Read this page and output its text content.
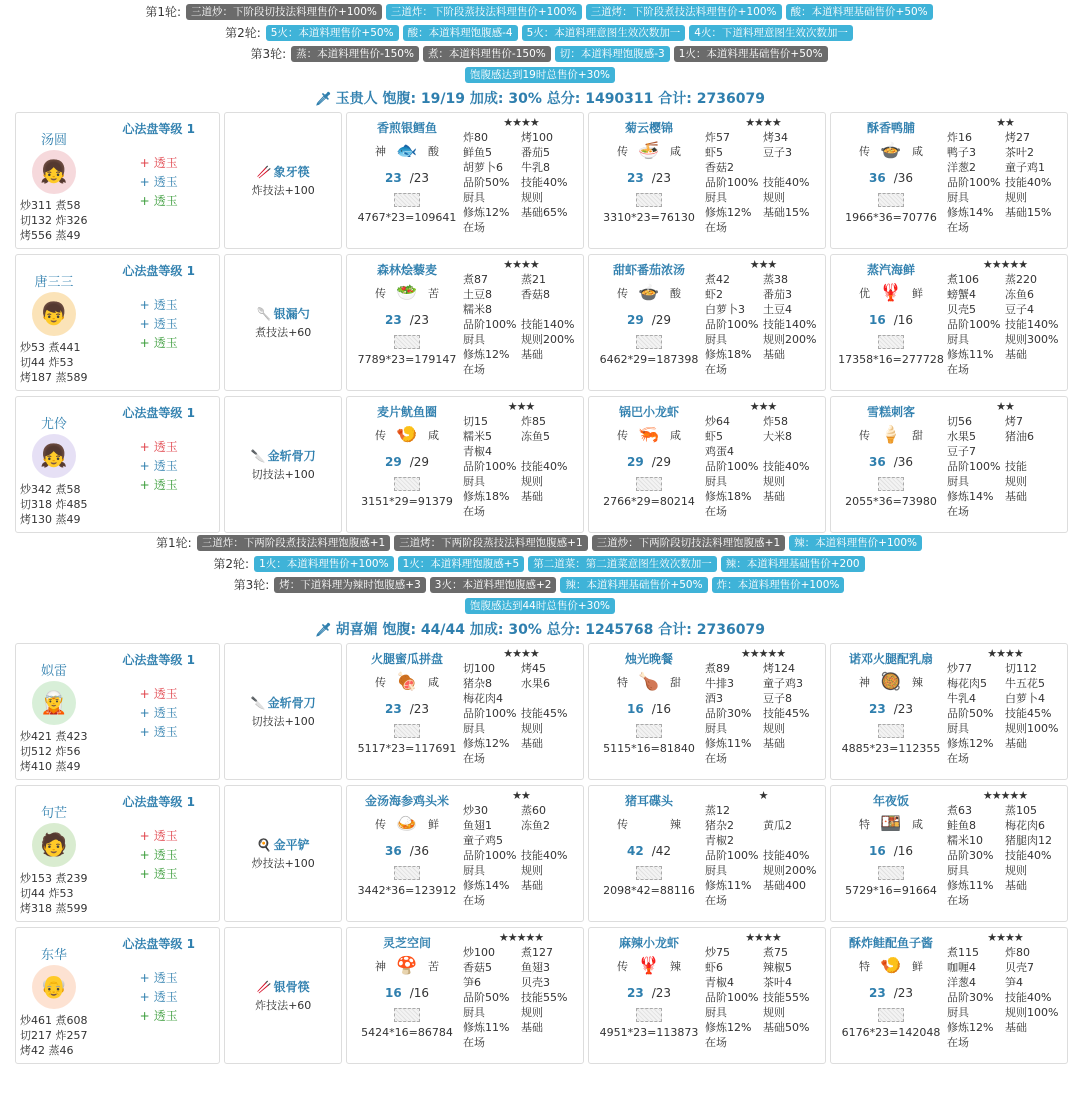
第1轮: 三道炒：下阶段切技法料理售价+100%	三道炸：下阶段蒸技法料理售价+100%	三道烤：下阶段煮技法料理售价+100%	酸：本道料理基础售价+50%
第2轮: 5火：本道料理售价+50%	酸：本道料理饱腹感-4	5火：本道料理意图生效次数加一	4火：下道料理意图生效次数加一
第3轮: 蒸：本道料理售价-150%	煮：本道料理售价-150%	切：本道料理饱腹感-3	1火：本道料理基础售价+50%
饱腹感达到19时总售价+30%
🗡 玉贵人 饱腹: 19/19 加成: 30% 总分: 1490311 合计: 2736079
汤圆
👧
炒311 煮58
切132 炸326
烤556 蒸49
心法盘等级 1
+ 透玉
+ 透玉
+ 透玉
🥢 象牙筷
炸技法+100
香煎银鳕鱼
神 🐟 酸
23 /23
4767*23=109641
★★★★
炸80	烤100
鲜鱼5	番茄5
胡萝卜6	牛乳8
品阶50%	技能40%
厨具	规则
修炼12%	基础65%
在场
菊云樱锦
传 🍜 咸
23 /23
3310*23=76130
★★★★
炸57	烤34
虾5	豆子3
香菇2
品阶100% 技能40%
厨具	规则
修炼12%	基础15%
在场
酥香鸭脯
传 🍲 咸
36 /36
1966*36=70776
★★
炸16	烤27
鸭子3	茶叶2
洋葱2	童子鸡1
品阶100% 技能40%
厨具	规则
修炼14%	基础15%
在场
唐三三
👦
炒53 煮441
切44 炸53
烤187 蒸589
心法盘等级 1
+ 透玉
+ 透玉
+ 透玉
🥄 银漏勺
煮技法+60
森林烩藜麦
传 🥗 苦
23 /23
7789*23=179147
★★★★
煮87	蒸21
土豆8	香菇8
糯米8
品阶100% 技能140%
厨具	规则200%
修炼12%	基础
在场
甜虾番茄浓汤
传 🍲 酸
29 /29
6462*29=187398
★★★
煮42	蒸38
虾2	番茄3
白萝卜3	土豆4
品阶100% 技能140%
厨具	规则200%
修炼18%	基础
在场
蒸汽海鲜
优 🦞 鲜
16 /16
17358*16=277728
★★★★★
煮106	蒸220
螃蟹4	冻鱼6
贝壳5	豆子4
品阶100% 技能140%
厨具	规则300%
修炼11%	基础
在场
尤伶
👧
炒342 煮58
切318 炸485
烤130 蒸49
心法盘等级 1
+ 透玉
+ 透玉
+ 透玉
🔪 金斩骨刀
切技法+100
麦片鱿鱼圈
传 🍤 咸
29 /29
3151*29=91379
★★★
切15	炸85
糯米5	冻鱼5
青椒4
品阶100% 技能40%
厨具	规则
修炼18%	基础
在场
锅巴小龙虾
传 🦐 咸
29 /29
2766*29=80214
★★★
炒64	炸58
虾5	大米8
鸡蛋4
品阶100% 技能40%
厨具	规则
修炼18%	基础
在场
雪糕刺客
传 🍦 甜
36 /36
2055*36=73980
★★
切56	烤7
水果5	猪油6
豆子7
品阶100% 技能
厨具	规则
修炼14%	基础
在场
第1轮: 三道炸：下两阶段煮技法料理饱腹感+1	三道烤：下两阶段蒸技法料理饱腹感+1	三道炒：下两阶段切技法料理饱腹感+1	辣：本道料理售价+100%
第2轮: 1火：本道料理售价+100%	1火：本道料理饱腹感+5	第二道菜：第二道菜意图生效次数加一	辣：本道料理基础售价+200
第3轮: 烤：下道料理为辣时饱腹感+3	3火：本道料理饱腹感+2	辣：本道料理基础售价+50%	炸：本道料理售价+100%
饱腹感达到44时总售价+30%
🗡 胡喜媚 饱腹: 44/44 加成: 30% 总分: 1245768 合计: 2736079
姒雷
🧝
炒421 煮423
切512 炸56
烤410 蒸49
心法盘等级 1
+ 透玉
+ 透玉
+ 透玉
🔪 金斩骨刀
切技法+100
火腿蜜瓜拼盘
传 🍖 咸
23 /23
5117*23=117691
★★★★
切100	烤45
猪杂8	水果6
梅花肉4
品阶100% 技能45%
厨具	规则
修炼12%	基础
在场
烛光晚餐
特 🍗 甜
16 /16
5115*16=81840
★★★★★
煮89	烤124
牛排3	童子鸡3
酒3	豆子8
品阶30%	技能45%
厨具	规则
修炼11%	基础
在场
诺邓火腿配乳扇
神 🥘 辣
23 /23
4885*23=112355
★★★★
炒77	切112
梅花肉5	牛五花5
牛乳4	白萝卜4
品阶50%	技能45%
厨具	规则100%
修炼12%	基础
在场
句芒
🧑
炒153 煮239
切44 炸53
烤318 蒸599
心法盘等级 1
+ 透玉
+ 透玉
+ 透玉
🍳 金平铲
炒技法+100
金汤海参鸡头米
传 🍛 鲜
36 /36
3442*36=123912
★★
炒30	蒸60
鱼翅1	冻鱼2
童子鸡5
品阶100% 技能40%
厨具	规则
修炼14%	基础
在场
猪耳碟头
传	辣
42 /42
2098*42=88116
★
蒸12
猪杂2	黄瓜2
青椒2
品阶100% 技能40%
厨具	规则200%
修炼11%	基础400
在场
年夜饭
特 🍱 咸
16 /16
5729*16=91664
★★★★★
煮63	蒸105
鲑鱼8	梅花肉6
糯米10	猪腿肉12
品阶30%	技能40%
厨具	规则
修炼11%	基础
在场
东华
👴
炒461 煮608
切217 炸257
烤42 蒸46
心法盘等级 1
+ 透玉
+ 透玉
+ 透玉
🥢 银骨筷
炸技法+60
灵芝空间
神 🍄 苦
16 /16
5424*16=86784
★★★★★
炒100	煮127
香菇5	鱼翅3
笋6	贝壳3
品阶50%	技能55%
厨具	规则
修炼11%	基础
在场
麻辣小龙虾
传 🦞 辣
23 /23
4951*23=113873
★★★★
炒75	煮75
虾6	辣椒5
青椒4	茶叶4
品阶100% 技能55%
厨具	规则
修炼12%	基础50%
在场
酥炸鲑配鱼子酱
特 🍤 鲜
23 /23
6176*23=142048
★★★★
煮115	炸80
咖喱4	贝壳7
洋葱4	笋4
品阶30%	技能40%
厨具	规则100%
修炼12%	基础
在场
